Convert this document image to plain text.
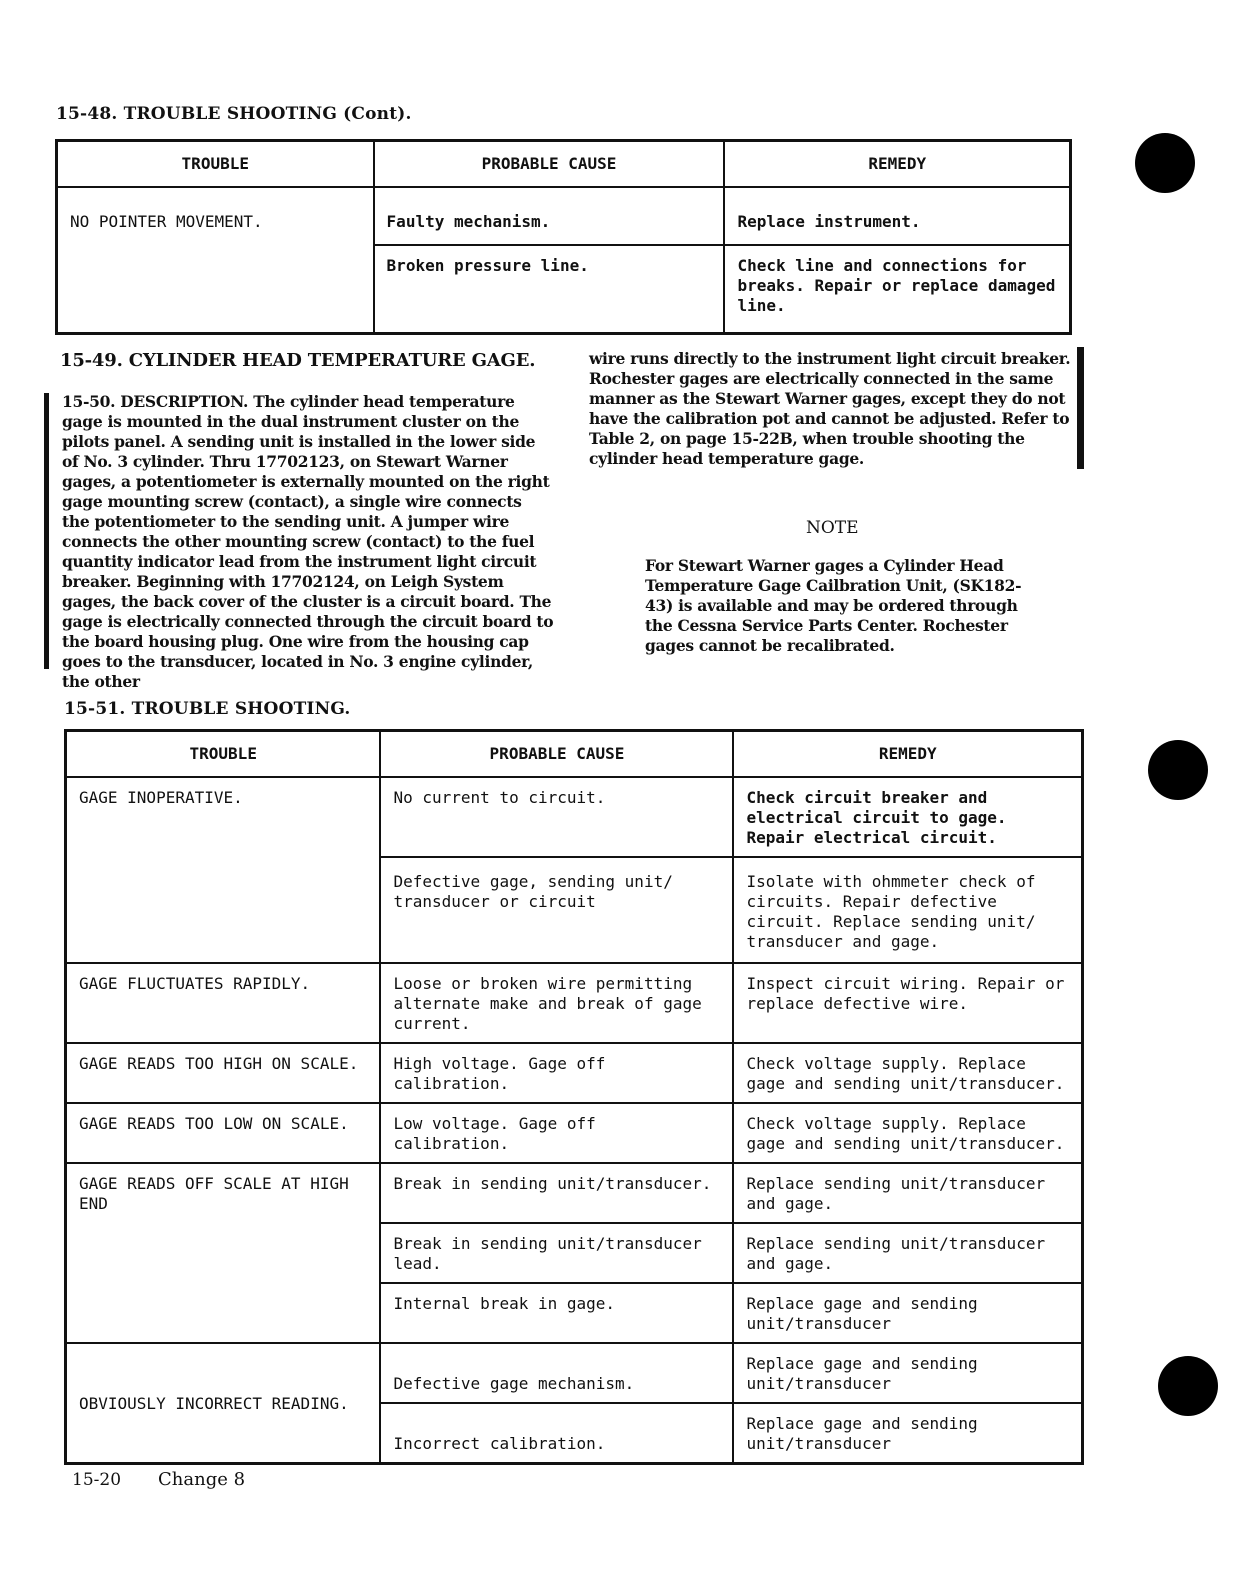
15-48. TROUBLE SHOOTING (Cont).
TROUBLE	PROBABLE CAUSE	REMEDY
NO POINTER MOVEMENT.	Faulty mechanism.	Replace instrument.
	Broken pressure line.	Check line and connections for breaks. Repair or replace damaged line.
15-49. CYLINDER HEAD TEMPERATURE GAGE.
15-50. DESCRIPTION. The cylinder head temperature gage is mounted in the dual instrument cluster on the pilots panel. A sending unit is installed in the lower side of No. 3 cylinder. Thru 17702123, on Stewart Warner gages, a potentiometer is externally mounted on the right gage mounting screw (contact), a single wire connects the potentiometer to the sending unit. A jumper wire connects the other mounting screw (contact) to the fuel quantity indicator lead from the instrument light circuit breaker. Beginning with 17702124, on Leigh System gages, the back cover of the cluster is a circuit board. The gage is electrically connected through the circuit board to the board housing plug. One wire from the housing cap goes to the transducer, located in No. 3 engine cylinder, the other
wire runs directly to the instrument light circuit breaker. Rochester gages are electrically connected in the same manner as the Stewart Warner gages, except they do not have the calibration pot and cannot be adjusted. Refer to Table 2, on page 15-22B, when trouble shooting the cylinder head temperature gage.
NOTE
For Stewart Warner gages a Cylinder Head Temperature Gage Cailbration Unit, (SK182-43) is available and may be ordered through the Cessna Service Parts Center. Rochester gages cannot be recalibrated.
15-51. TROUBLE SHOOTING.
TROUBLE	PROBABLE CAUSE	REMEDY
GAGE INOPERATIVE.	No current to circuit.	Check circuit breaker and electrical circuit to gage. Repair electrical circuit.
	Defective gage, sending unit/ transducer or circuit	Isolate with ohmmeter check of circuits. Repair defective circuit. Replace sending unit/ transducer and gage.
GAGE FLUCTUATES RAPIDLY.	Loose or broken wire permitting alternate make and break of gage current.	Inspect circuit wiring. Repair or replace defective wire.
GAGE READS TOO HIGH ON SCALE.	High voltage. Gage off calibration.	Check voltage supply. Replace gage and sending unit/transducer.
GAGE READS TOO LOW ON SCALE.	Low voltage. Gage off calibration.	Check voltage supply. Replace gage and sending unit/transducer.
GAGE READS OFF SCALE AT HIGH END	Break in sending unit/transducer.	Replace sending unit/transducer and gage.
	Break in sending unit/transducer lead.	Replace sending unit/transducer and gage.
	Internal break in gage.	Replace gage and sending unit/transducer
OBVIOUSLY INCORRECT READING.	Defective gage mechanism.	Replace gage and sending unit/transducer
	Incorrect calibration.	Replace gage and sending unit/transducer
15-20 Change 8
